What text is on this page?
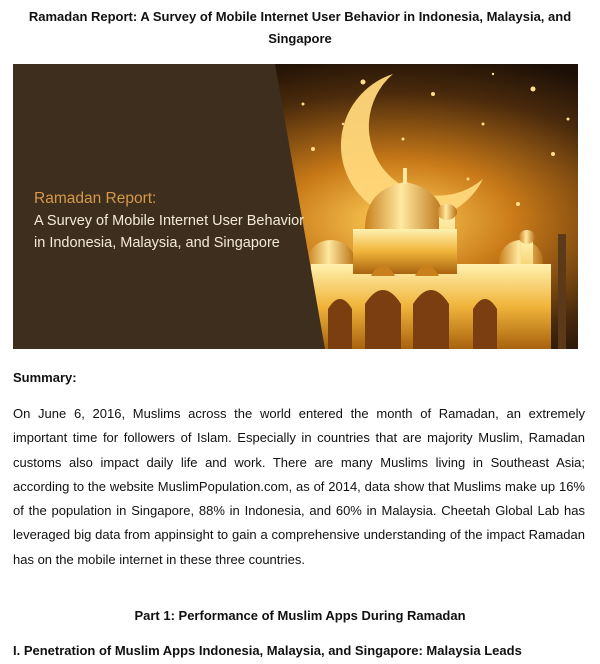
Ramadan Report: A Survey of Mobile Internet User Behavior in Indonesia, Malaysia, and Singapore
Ramadan Report:
A Survey of Mobile Internet User Behavior in Indonesia, Malaysia, and Singapore
Summary:
On June 6, 2016, Muslims across the world entered the month of Ramadan, an extremely important time for followers of Islam. Especially in countries that are majority Muslim, Ramadan customs also impact daily life and work. There are many Muslims living in Southeast Asia; according to the website MuslimPopulation.com, as of 2014, data show that Muslims make up 16% of the population in Singapore, 88% in Indonesia, and 60% in Malaysia. Cheetah Global Lab has leveraged big data from appinsight to gain a comprehensive understanding of the impact Ramadan has on the mobile internet in these three countries.
Part 1: Performance of Muslim Apps During Ramadan
I. Penetration of Muslim Apps Indonesia, Malaysia, and Singapore: Malaysia Leads
